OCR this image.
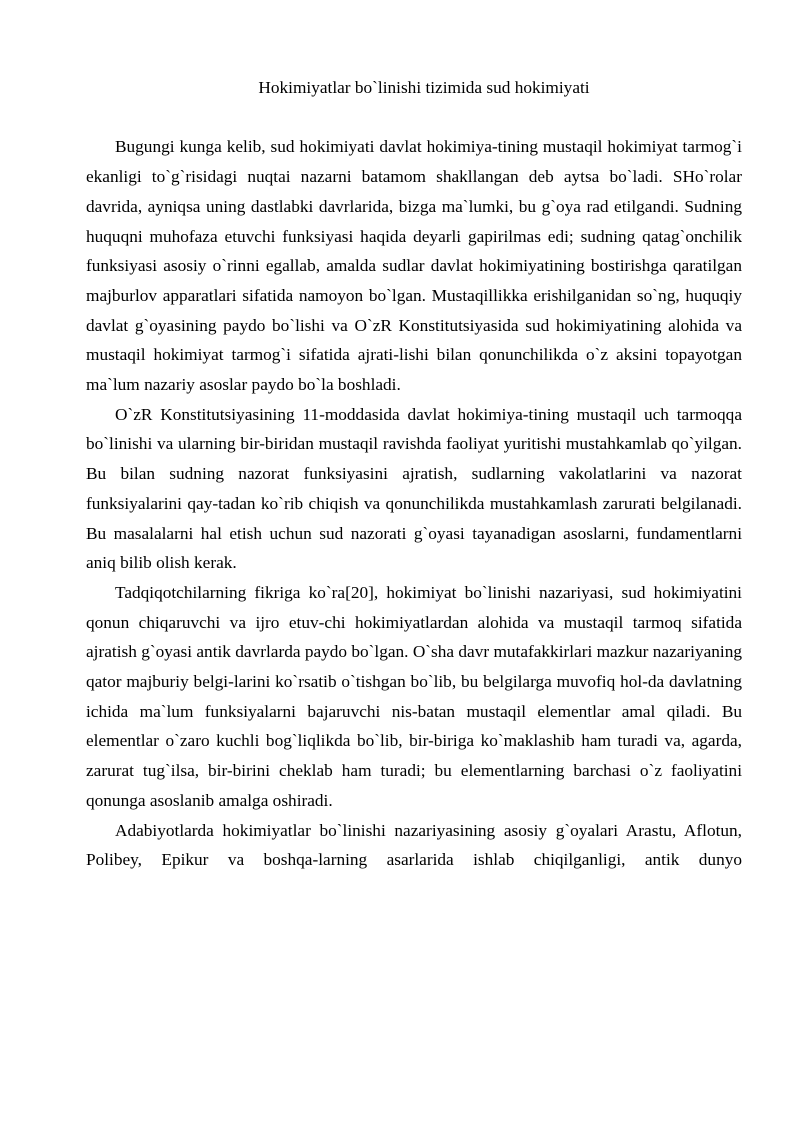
Hokimiyatlar bo`linishi tizimida sud hokimiyati

Bugungi kunga kelib, sud hokimiyati davlat hokimiya-tining mustaqil hokimiyat tarmog`i ekanligi to`g`risidagi nuqtai nazarni batamom shakllangan deb aytsa bo`ladi. SHo`rolar davrida, ayniqsa uning dastlabki davrlarida, bizga ma`lumki, bu g`oya rad etilgandi. Sudning huquqni muhofaza etuvchi funksiyasi haqida deyarli gapirilmas edi; sudning qatag`onchilik funksiyasi asosiy o`rinni egallab, amalda sudlar davlat hokimiyatining bostirishga qaratilgan majburlov apparatlari sifatida namoyon bo`lgan. Mustaqillikka erishilganidan so`ng, huquqiy davlat g`oyasining paydo bo`lishi va O`zR Konstitutsiyasida sud hokimiyatining alohida va mustaqil hokimiyat tarmog`i sifatida ajrati-lishi bilan qonunchilikda o`z aksini topayotgan ma`lum nazariy asoslar paydo bo`la boshladi.

O`zR Konstitutsiyasining 11-moddasida davlat hokimiya-tining mustaqil uch tarmoqqa bo`linishi va ularning bir-biridan mustaqil ravishda faoliyat yuritishi mustahkamlab qo`yilgan. Bu bilan sudning nazorat funksiyasini ajratish, sudlarning vakolatlarini va nazorat funksiyalarini qay-tadan ko`rib chiqish va qonunchilikda mustahkamlash zarurati belgilanadi. Bu masalalarni hal etish uchun sud nazorati g`oyasi tayanadigan asoslarni, fundamentlarni aniq bilib olish kerak.

Tadqiqotchilarning fikriga ko`ra[20], hokimiyat bo`linishi nazariyasi, sud hokimiyatini qonun chiqaruvchi va ijro etuv-chi hokimiyatlardan alohida va mustaqil tarmoq sifatida ajratish g`oyasi antik davrlarda paydo bo`lgan. O`sha davr mutafakkirlari mazkur nazariyaning qator majburiy belgi-larini ko`rsatib o`tishgan bo`lib, bu belgilarga muvofiq hol-da davlatning ichida ma`lum funksiyalarni bajaruvchi nis-batan mustaqil elementlar amal qiladi. Bu elementlar o`zaro kuchli bog`liqlikda bo`lib, bir-biriga ko`maklashib ham turadi va, agarda, zarurat tug`ilsa, bir-birini cheklab ham turadi; bu elementlarning barchasi o`z faoliyatini qonunga asoslanib amalga oshiradi.

Adabiyotlarda hokimiyatlar bo`linishi nazariyasining asosiy g`oyalari Arastu, Aflotun, Polibey, Epikur va boshqa-larning asarlarida ishlab chiqilganligi, antik dunyo
